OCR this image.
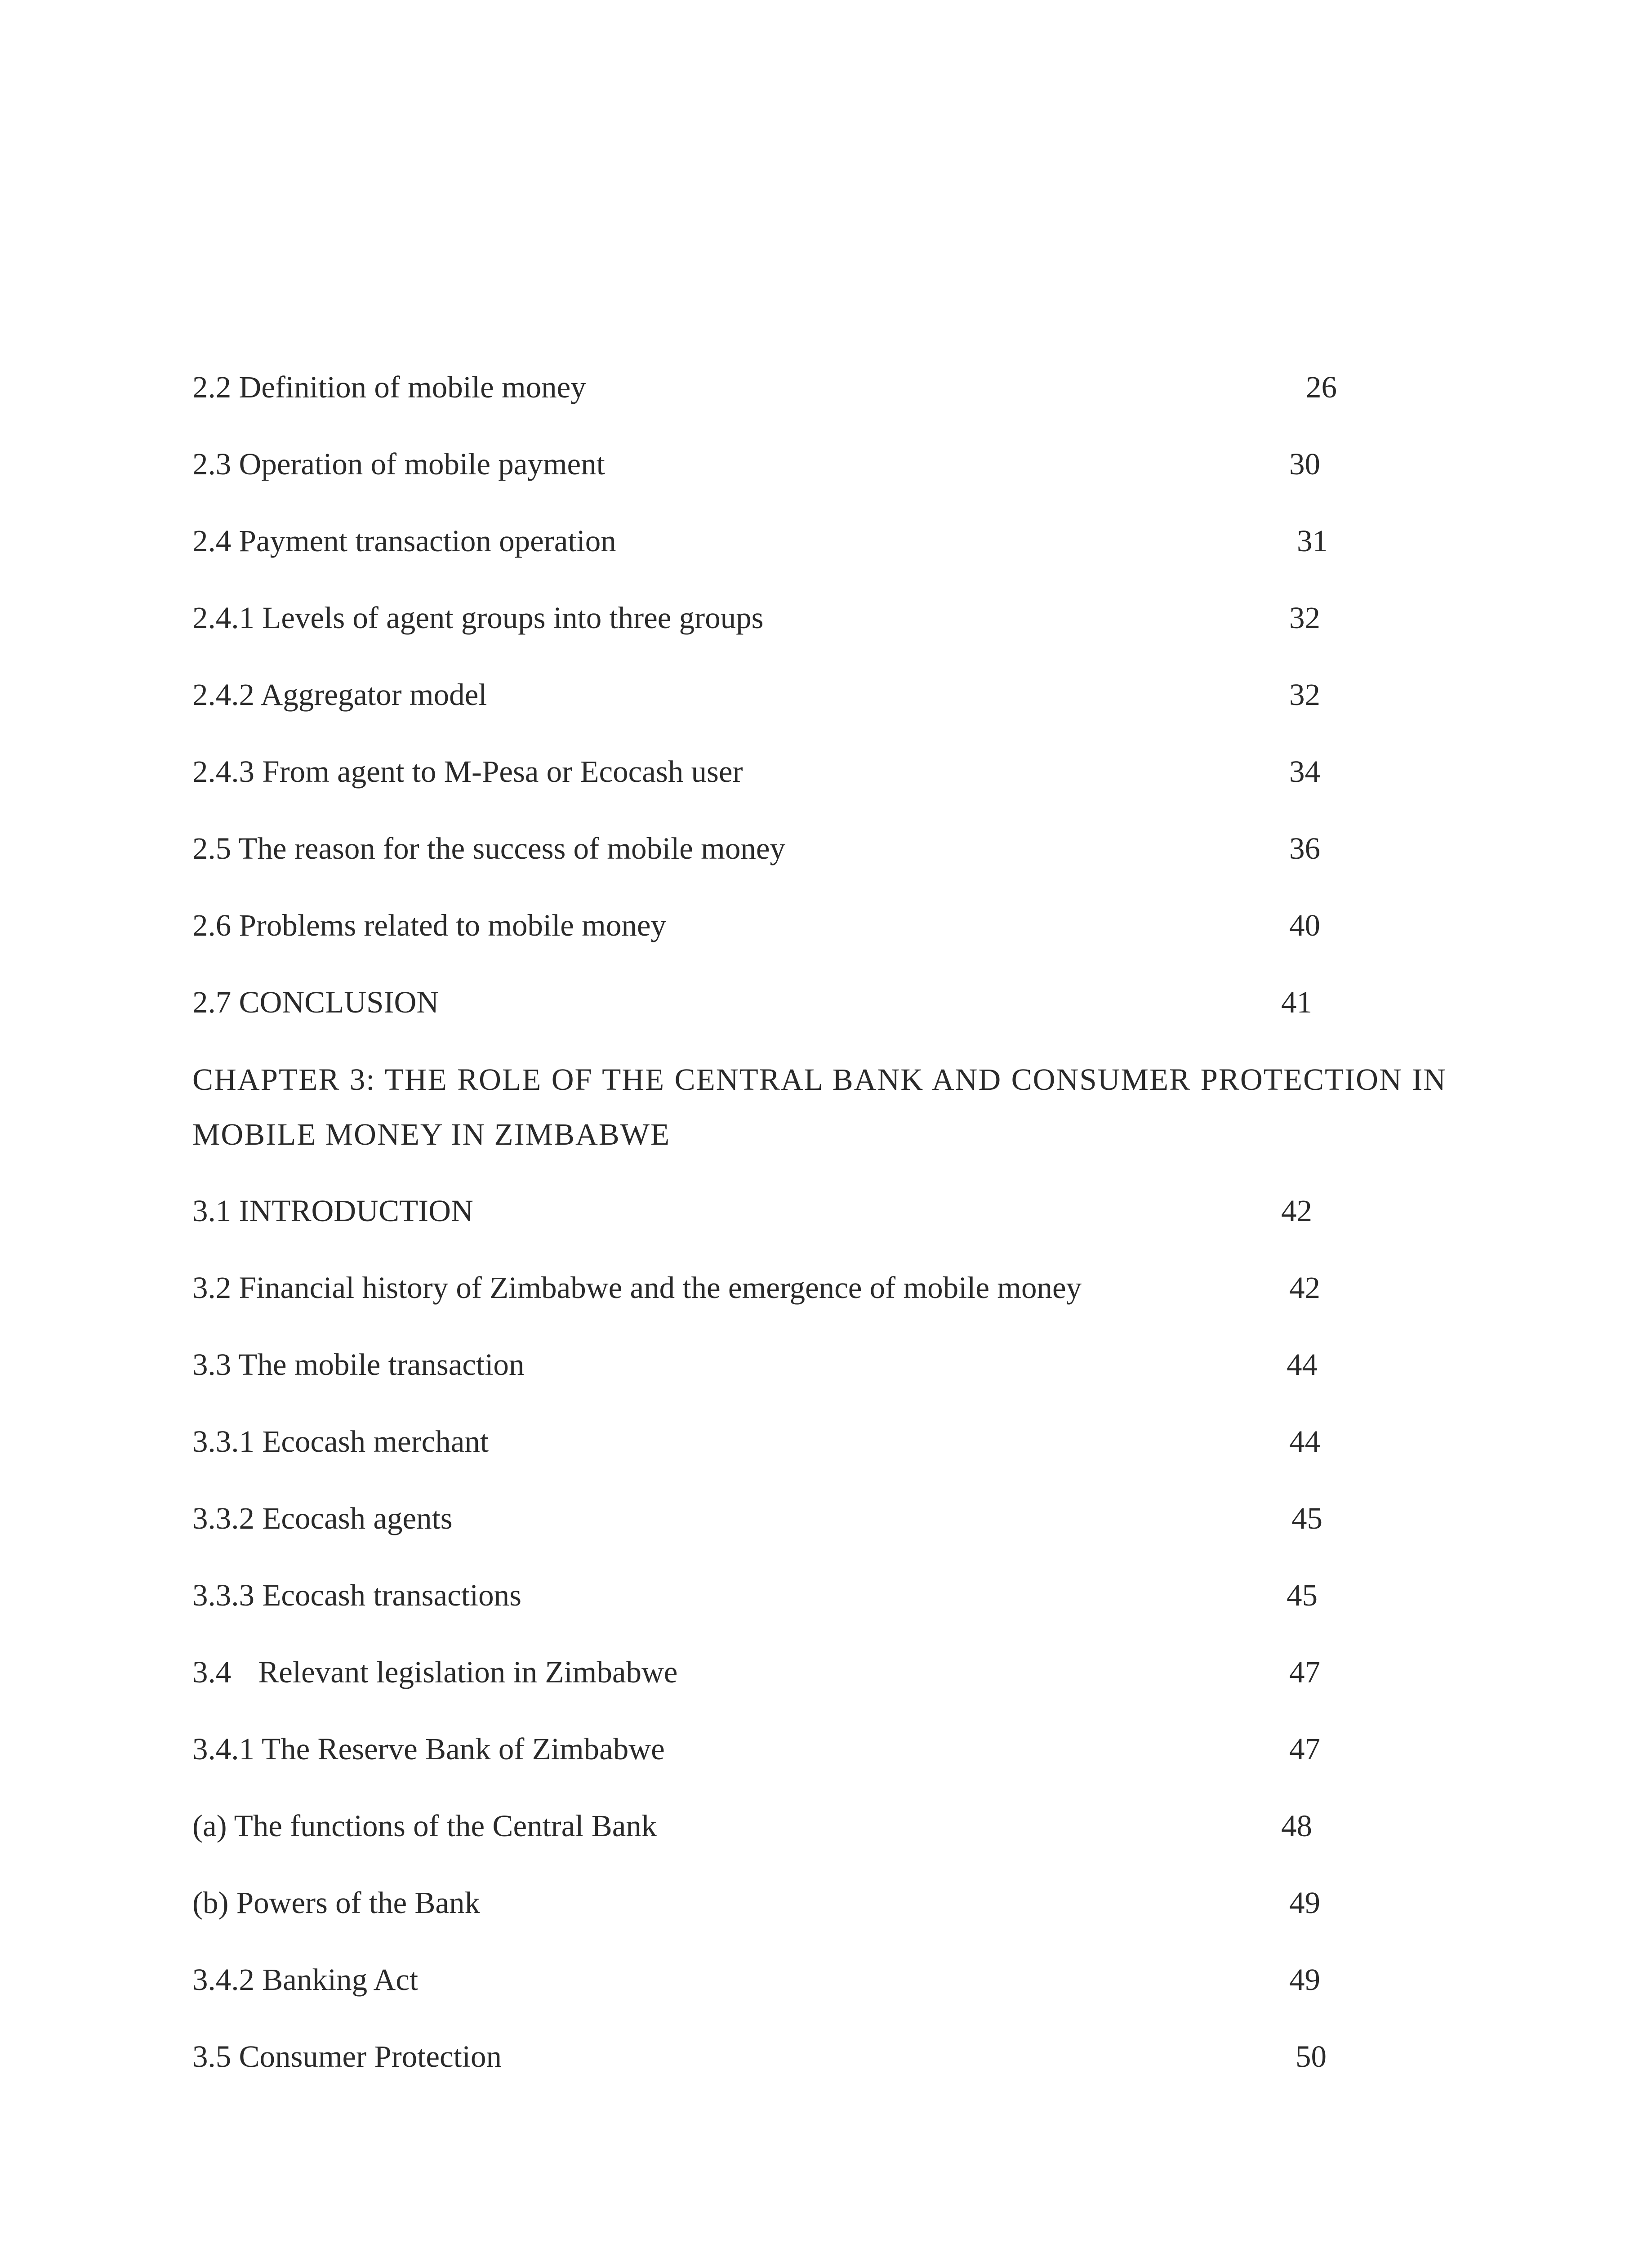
2.2 Definition of mobile money	26
2.3 Operation of mobile payment	30
2.4 Payment transaction operation	31
2.4.1 Levels of agent groups into three groups	32
2.4.2 Aggregator model	32
2.4.3 From agent to M-Pesa or Ecocash user	34
2.5 The reason for the success of mobile money	36
2.6 Problems related to mobile money	40
2.7 CONCLUSION	41
CHAPTER 3: THE ROLE OF THE CENTRAL BANK AND CONSUMER PROTECTION IN
MOBILE MONEY IN ZIMBABWE
3.1 INTRODUCTION	42
3.2 Financial history of Zimbabwe and the emergence of mobile money	42
3.3 The mobile transaction	44
3.3.1 Ecocash merchant	44
3.3.2 Ecocash agents	45
3.3.3 Ecocash transactions	45
3.4 Relevant legislation in Zimbabwe	47
3.4.1 The Reserve Bank of Zimbabwe	47
(a) The functions of the Central Bank	48
(b) Powers of the Bank	49
3.4.2 Banking Act	49
3.5 Consumer Protection	50
